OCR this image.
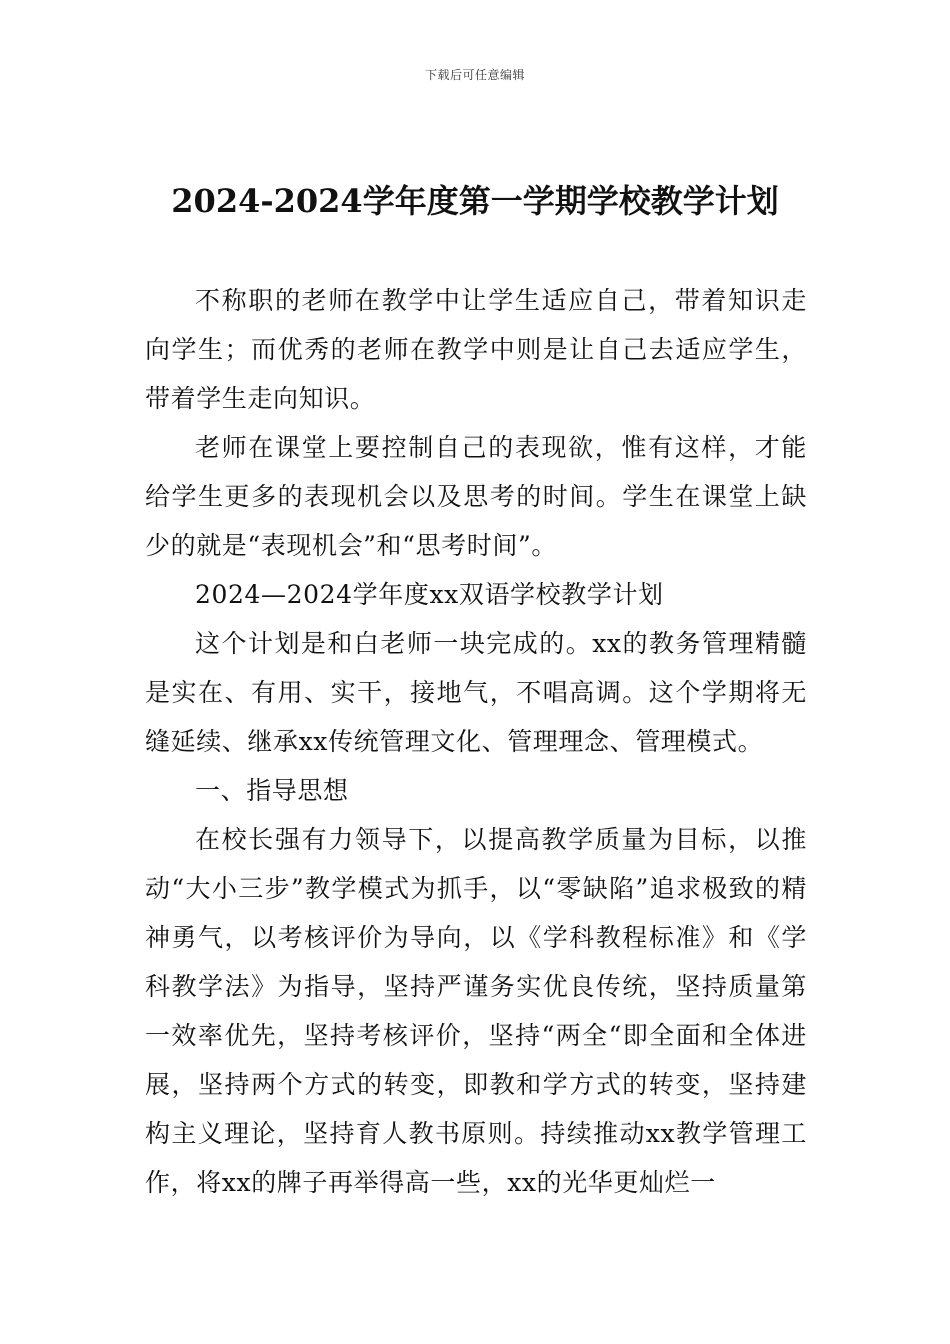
下载后可任意编辑
2024-2024学年度第一学期学校教学计划

不称职的老师在教学中让学生适应自己，带着知识走向学生；而优秀的老师在教学中则是让自己去适应学生，带着学生走向知识。

老师在课堂上要控制自己的表现欲，惟有这样，才能给学生更多的表现机会以及思考的时间。学生在课堂上缺少的就是“表现机会”和“思考时间”。

2024—2024学年度xx双语学校教学计划

这个计划是和白老师一块完成的。xx的教务管理精髓是实在、有用、实干，接地气，不唱高调。这个学期将无缝延续、继承xx传统管理文化、管理理念、管理模式。

一、指导思想

在校长强有力领导下，以提高教学质量为目标，以推动“大小三步”教学模式为抓手，以“零缺陷”追求极致的精神勇气，以考核评价为导向，以《学科教程标准》和《学科教学法》为指导，坚持严谨务实优良传统，坚持质量第一效率优先，坚持考核评价，坚持“两全“即全面和全体进展，坚持两个方式的转变，即教和学方式的转变，坚持建构主义理论，坚持育人教书原则。持续推动xx教学管理工作，将xx的牌子再举得高一些，xx的光华更灿烂一
